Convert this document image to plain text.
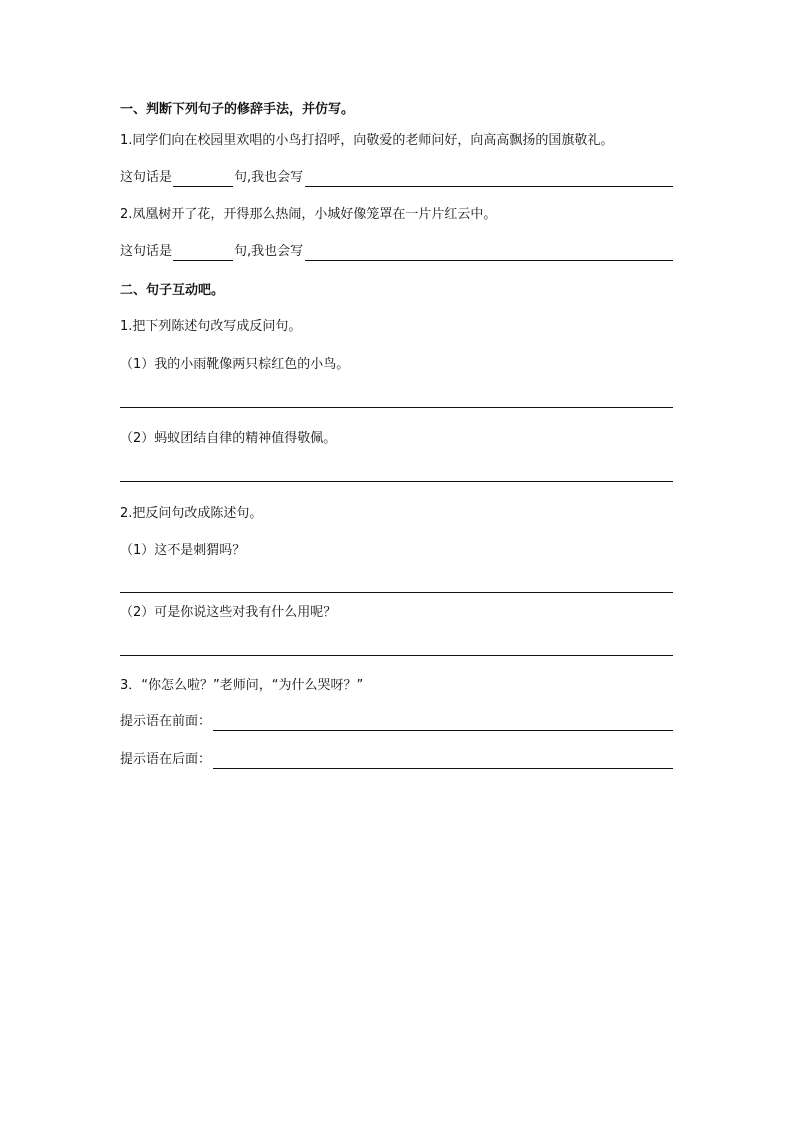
一、判断下列句子的修辞手法，并仿写。
1.同学们向在校园里欢唱的小鸟打招呼，向敬爱的老师问好，向高高飘扬的国旗敬礼。
这句话是	句,我也会写
2.凤凰树开了花，开得那么热闹，小城好像笼罩在一片片红云中。
这句话是	句,我也会写
二、句子互动吧。
1.把下列陈述句改写成反问句。
（1）我的小雨靴像两只棕红色的小鸟。
（2）蚂蚁团结自律的精神值得敬佩。
2.把反问句改成陈述句。
（1）这不是刺猬吗？
（2）可是你说这些对我有什么用呢？
3．“你怎么啦？”老师问，“为什么哭呀？”
提示语在前面：
提示语在后面：
